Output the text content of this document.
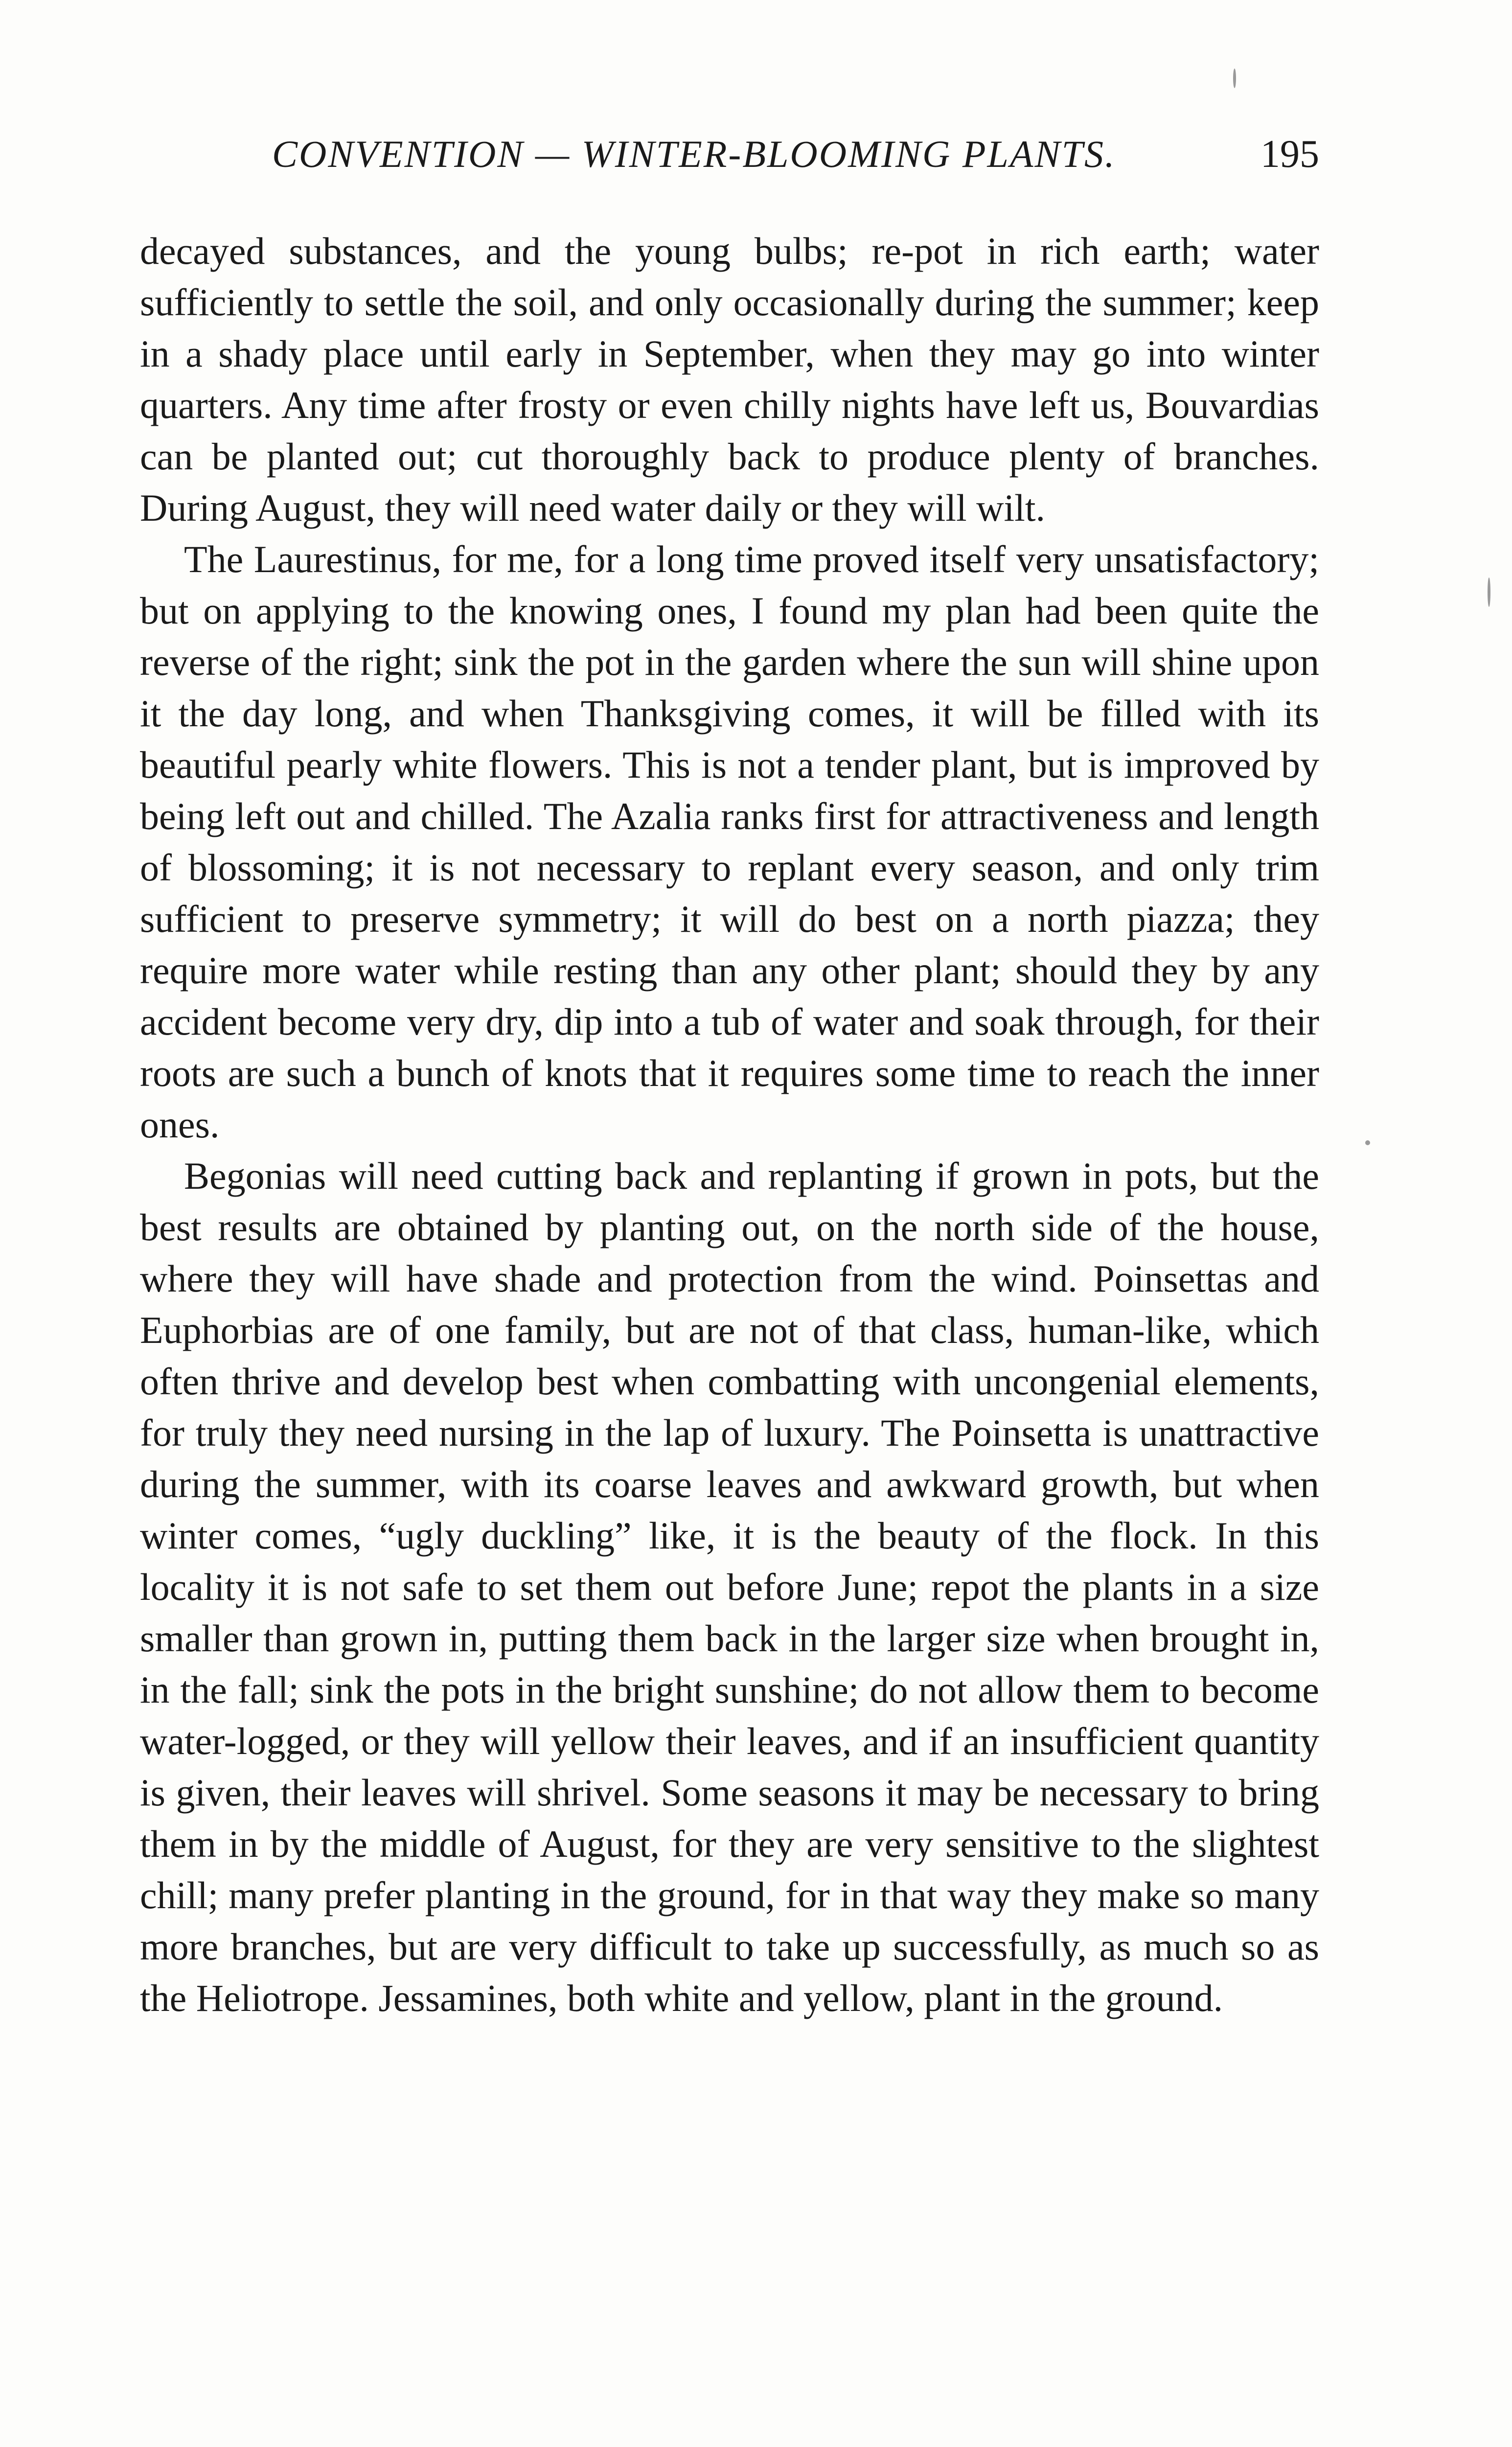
CONVENTION — WINTER-BLOOMING PLANTS.	195

decayed substances, and the young bulbs; re-pot in rich earth; water sufficiently to settle the soil, and only occasionally during the summer; keep in a shady place until early in September, when they may go into winter quarters. Any time after frosty or even chilly nights have left us, Bouvardias can be planted out; cut thoroughly back to produce plenty of branches. During August, they will need water daily or they will wilt.

The Laurestinus, for me, for a long time proved itself very unsatisfactory; but on applying to the knowing ones, I found my plan had been quite the reverse of the right; sink the pot in the garden where the sun will shine upon it the day long, and when Thanksgiving comes, it will be filled with its beautiful pearly white flowers. This is not a tender plant, but is improved by being left out and chilled. The Azalia ranks first for attractiveness and length of blossoming; it is not necessary to replant every season, and only trim sufficient to preserve symmetry; it will do best on a north piazza; they require more water while resting than any other plant; should they by any accident become very dry, dip into a tub of water and soak through, for their roots are such a bunch of knots that it requires some time to reach the inner ones.

Begonias will need cutting back and replanting if grown in pots, but the best results are obtained by planting out, on the north side of the house, where they will have shade and protection from the wind. Poinsettas and Euphorbias are of one family, but are not of that class, human-like, which often thrive and develop best when combatting with uncongenial elements, for truly they need nursing in the lap of luxury. The Poinsetta is unattractive during the summer, with its coarse leaves and awkward growth, but when winter comes, “ugly duckling” like, it is the beauty of the flock. In this locality it is not safe to set them out before June; repot the plants in a size smaller than grown in, putting them back in the larger size when brought in, in the fall; sink the pots in the bright sunshine; do not allow them to become water-logged, or they will yellow their leaves, and if an insufficient quantity is given, their leaves will shrivel. Some seasons it may be necessary to bring them in by the middle of August, for they are very sensitive to the slightest chill; many prefer planting in the ground, for in that way they make so many more branches, but are very difficult to take up successfully, as much so as the Heliotrope. Jessamines, both white and yellow, plant in the ground.
